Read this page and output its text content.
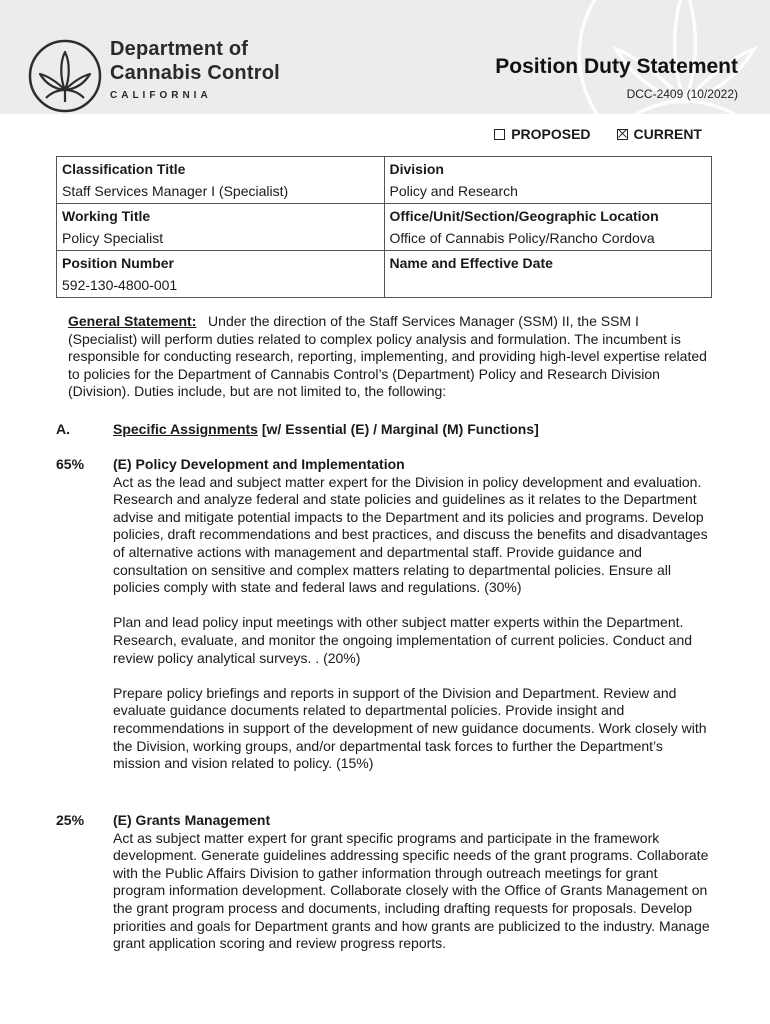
Department of
Cannabis Control
CALIFORNIA
Position Duty Statement
DCC-2409 (10/2022)
PROPOSED	CURRENT
Classification Title
Staff Services Manager I (Specialist)	Division
Policy and Research

Working Title
Policy Specialist	Office/Unit/Section/Geographic Location
Office of Cannabis Policy/Rancho Cordova

Position Number
592-130-4800-001	Name and Effective Date
General Statement: Under the direction of the Staff Services Manager (SSM) II, the SSM I (Specialist) will perform duties related to complex policy analysis and formulation. The incumbent is responsible for conducting research, reporting, implementing, and providing high-level expertise related to policies for the Department of Cannabis Control’s (Department) Policy and Research Division (Division). Duties include, but are not limited to, the following:
A.	Specific Assignments [w/ Essential (E) / Marginal (M) Functions]
65% (E) Policy Development and Implementation

Act as the lead and subject matter expert for the Division in policy development and evaluation. Research and analyze federal and state policies and guidelines as it relates to the Department advise and mitigate potential impacts to the Department and its policies and programs. Develop policies, draft recommendations and best practices, and discuss the benefits and disadvantages of alternative actions with management and departmental staff. Provide guidance and consultation on sensitive and complex matters relating to departmental policies. Ensure all policies comply with state and federal laws and regulations. (30%)

Plan and lead policy input meetings with other subject matter experts within the Department. Research, evaluate, and monitor the ongoing implementation of current policies. Conduct and review policy analytical surveys. . (20%)

Prepare policy briefings and reports in support of the Division and Department. Review and evaluate guidance documents related to departmental policies. Provide insight and recommendations in support of the development of new guidance documents. Work closely with the Division, working groups, and/or departmental task forces to further the Department’s mission and vision related to policy. (15%)

25% (E) Grants Management

Act as subject matter expert for grant specific programs and participate in the framework development. Generate guidelines addressing specific needs of the grant programs. Collaborate with the Public Affairs Division to gather information through outreach meetings for grant program information development. Collaborate closely with the Office of Grants Management on the grant program process and documents, including drafting requests for proposals. Develop priorities and goals for Department grants and how grants are publicized to the industry. Manage grant application scoring and review progress reports.
